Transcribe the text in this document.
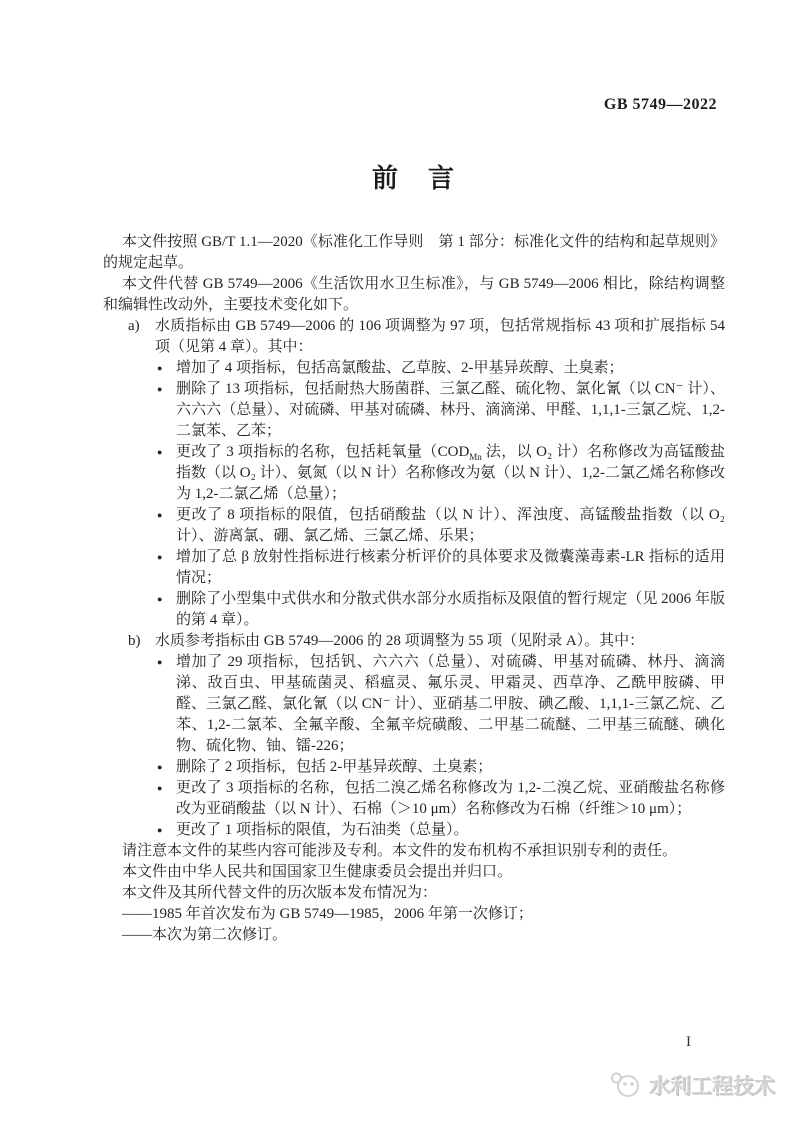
GB 5749—2022
前　言

本文件按照 GB/T 1.1—2020《标准化工作导则　第 1 部分：标准化文件的结构和起草规则》的规定起草。

本文件代替 GB 5749—2006《生活饮用水卫生标准》，与 GB 5749—2006 相比，除结构调整和编辑性改动外，主要技术变化如下。

a)	水质指标由 GB 5749—2006 的 106 项调整为 97 项，包括常规指标 43 项和扩展指标 54 项（见第 4 章）。其中：

● 增加了 4 项指标，包括高氯酸盐、乙草胺、2-甲基异莰醇、土臭素；
● 删除了 13 项指标，包括耐热大肠菌群、三氯乙醛、硫化物、氯化氰（以 CN⁻ 计）、六六六（总量）、对硫磷、甲基对硫磷、林丹、滴滴涕、甲醛、1,1,1-三氯乙烷、1,2-二氯苯、乙苯；
● 更改了 3 项指标的名称，包括耗氧量（$COD_{Mn}$ 法，以 O₂ 计）名称修改为高锰酸盐指数（以 O₂ 计）、氨氮（以 N 计）名称修改为氨（以 N 计）、1,2-二氯乙烯名称修改为 1,2-二氯乙烯（总量）；
● 更改了 8 项指标的限值，包括硝酸盐（以 N 计）、浑浊度、高锰酸盐指数（以 O₂ 计）、游离氯、硼、氯乙烯、三氯乙烯、乐果；
● 增加了总 β 放射性指标进行核素分析评价的具体要求及微囊藻毒素-LR 指标的适用情况；
● 删除了小型集中式供水和分散式供水部分水质指标及限值的暂行规定（见 2006 年版的第 4 章）。
b) 水质参考指标由 GB 5749—2006 的 28 项调整为 55 项（见附录 A）。其中：

● 增加了 29 项指标，包括钒、六六六（总量）、对硫磷、甲基对硫磷、林丹、滴滴涕、敌百虫、甲基硫菌灵、稻瘟灵、氟乐灵、甲霜灵、西草净、乙酰甲胺磷、甲醛、三氯乙醛、氯化氰（以 CN⁻ 计）、亚硝基二甲胺、碘乙酸、1,1,1-三氯乙烷、乙苯、1,2-二氯苯、全氟辛酸、全氟辛烷磺酸、二甲基二硫醚、二甲基三硫醚、碘化物、硫化物、铀、镭-226；
● 删除了 2 项指标，包括 2-甲基异莰醇、土臭素；
● 更改了 3 项指标的名称，包括二溴乙烯名称修改为 1,2-二溴乙烷、亚硝酸盐名称修改为亚硝酸盐（以 N 计）、石棉（＞10 μm）名称修改为石棉（纤维＞10 μm）；
● 更改了 1 项指标的限值，为石油类（总量）。

请注意本文件的某些内容可能涉及专利。本文件的发布机构不承担识别专利的责任。

本文件由中华人民共和国国家卫生健康委员会提出并归口。

本文件及其所代替文件的历次版本发布情况为：

——1985 年首次发布为 GB 5749—1985，2006 年第一次修订；

——本次为第二次修订。

I
水利工程技术
